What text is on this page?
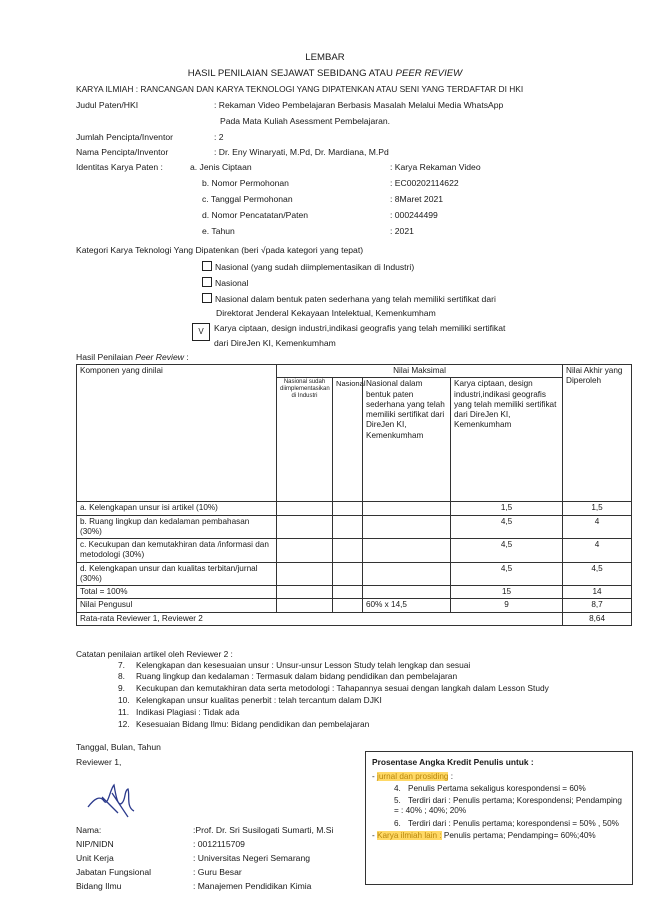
LEMBAR
HASIL PENILAIAN SEJAWAT SEBIDANG ATAU PEER REVIEW
KARYA ILMIAH : RANCANGAN DAN KARYA TEKNOLOGI YANG DIPATENKAN ATAU SENI YANG TERDAFTAR DI HKI
Judul Paten/HKI	: Rekaman Video Pembelajaran Berbasis Masalah Melalui Media WhatsApp
Pada Mata Kuliah Asessment Pembelajaran.
Jumlah Pencipta/Inventor	: 2
Nama Pencipta/Inventor	: Dr. Eny Winaryati, M.Pd, Dr. Mardiana, M.Pd
Identitas Karya Paten :	a. Jenis Ciptaan	: Karya Rekaman Video
b. Nomor Permohonan	: EC00202114622
c. Tanggal Permohonan	: 8Maret 2021
d. Nomor Pencatatan/Paten	: 000244499
e. Tahun	: 2021
Kategori Karya Teknologi Yang Dipatenkan (beri √pada kategori yang tepat)
Nasional (yang sudah diimplementasikan di Industri)
Nasional
Nasional dalam bentuk paten sederhana yang telah memiliki sertifikat dari
Direktorat Jenderal Kekayaan Intelektual, Kemenkumham
V	Karya ciptaan, design industri,indikasi geografis yang telah memiliki sertifikat
dari DireJen KI, Kemenkumham
Hasil Penilaian Peer Review :
Komponen yang dinilai	Nilai Maksimal				Nilai Akhir yang Diperoleh

	Nasional sudah diimplementasikan di Industri	Nasional	Nasional dalam bentuk paten sederhana yang telah memiliki sertifikat dari DireJen KI, Kemenkumham	Karya ciptaan, design industri,indikasi geografis yang telah memiliki sertifikat dari DireJen KI, Kemenkumham	
a. Kelengkapan unsur isi artikel (10%)				1,5	1,5
b. Ruang lingkup dan kedalaman pembahasan (30%)				4,5	4
c. Kecukupan dan kemutakhiran data /informasi dan metodologi (30%)				4,5	4
d. Kelengkapan unsur dan kualitas terbitan/jurnal (30%)				4,5	4,5
Total = 100%				15	14
Nilai Pengusul			60% x 14,5	9	8,7
Rata-rata Reviewer 1, Reviewer 2					8,64
Catatan penilaian artikel oleh Reviewer 2 :
7. Kelengkapan dan kesesuaian unsur : Unsur-unsur Lesson Study telah lengkap dan sesuai
8. Ruang lingkup dan kedalaman : Termasuk dalam bidang pendidikan dan pembelajaran
9. Kecukupan dan kemutakhiran data serta metodologi : Tahapannya sesuai dengan langkah dalam Lesson Study
10. Kelengkapan unsur kualitas penerbit : telah tercantum dalam DJKI
11. Indikasi Plagiasi : Tidak ada
12. Kesesuaian Bidang Ilmu: Bidang pendidikan dan pembelajaran
Tanggal, Bulan, Tahun
Reviewer 1,
Nama:	:Prof. Dr. Sri Susilogati Sumarti, M.Si
NIP/NIDN	: 0012115709
Unit Kerja	: Universitas Negeri Semarang
Jabatan Fungsional	: Guru Besar
Bidang Ilmu	: Manajemen Pendidikan Kimia
Prosentase Angka Kredit Penulis untuk :
- jurnal dan prosiding :
4. Penulis Pertama sekaligus korespondensi = 60%
5. Terdiri dari : Penulis pertama; Korespondensi; Pendamping = : 40% ; 40%; 20%
6. Terdiri dari : Penulis pertama; korespondensi = 50% , 50%
- Karya ilmiah lain : Penulis pertama; Pendamping= 60%;40%
